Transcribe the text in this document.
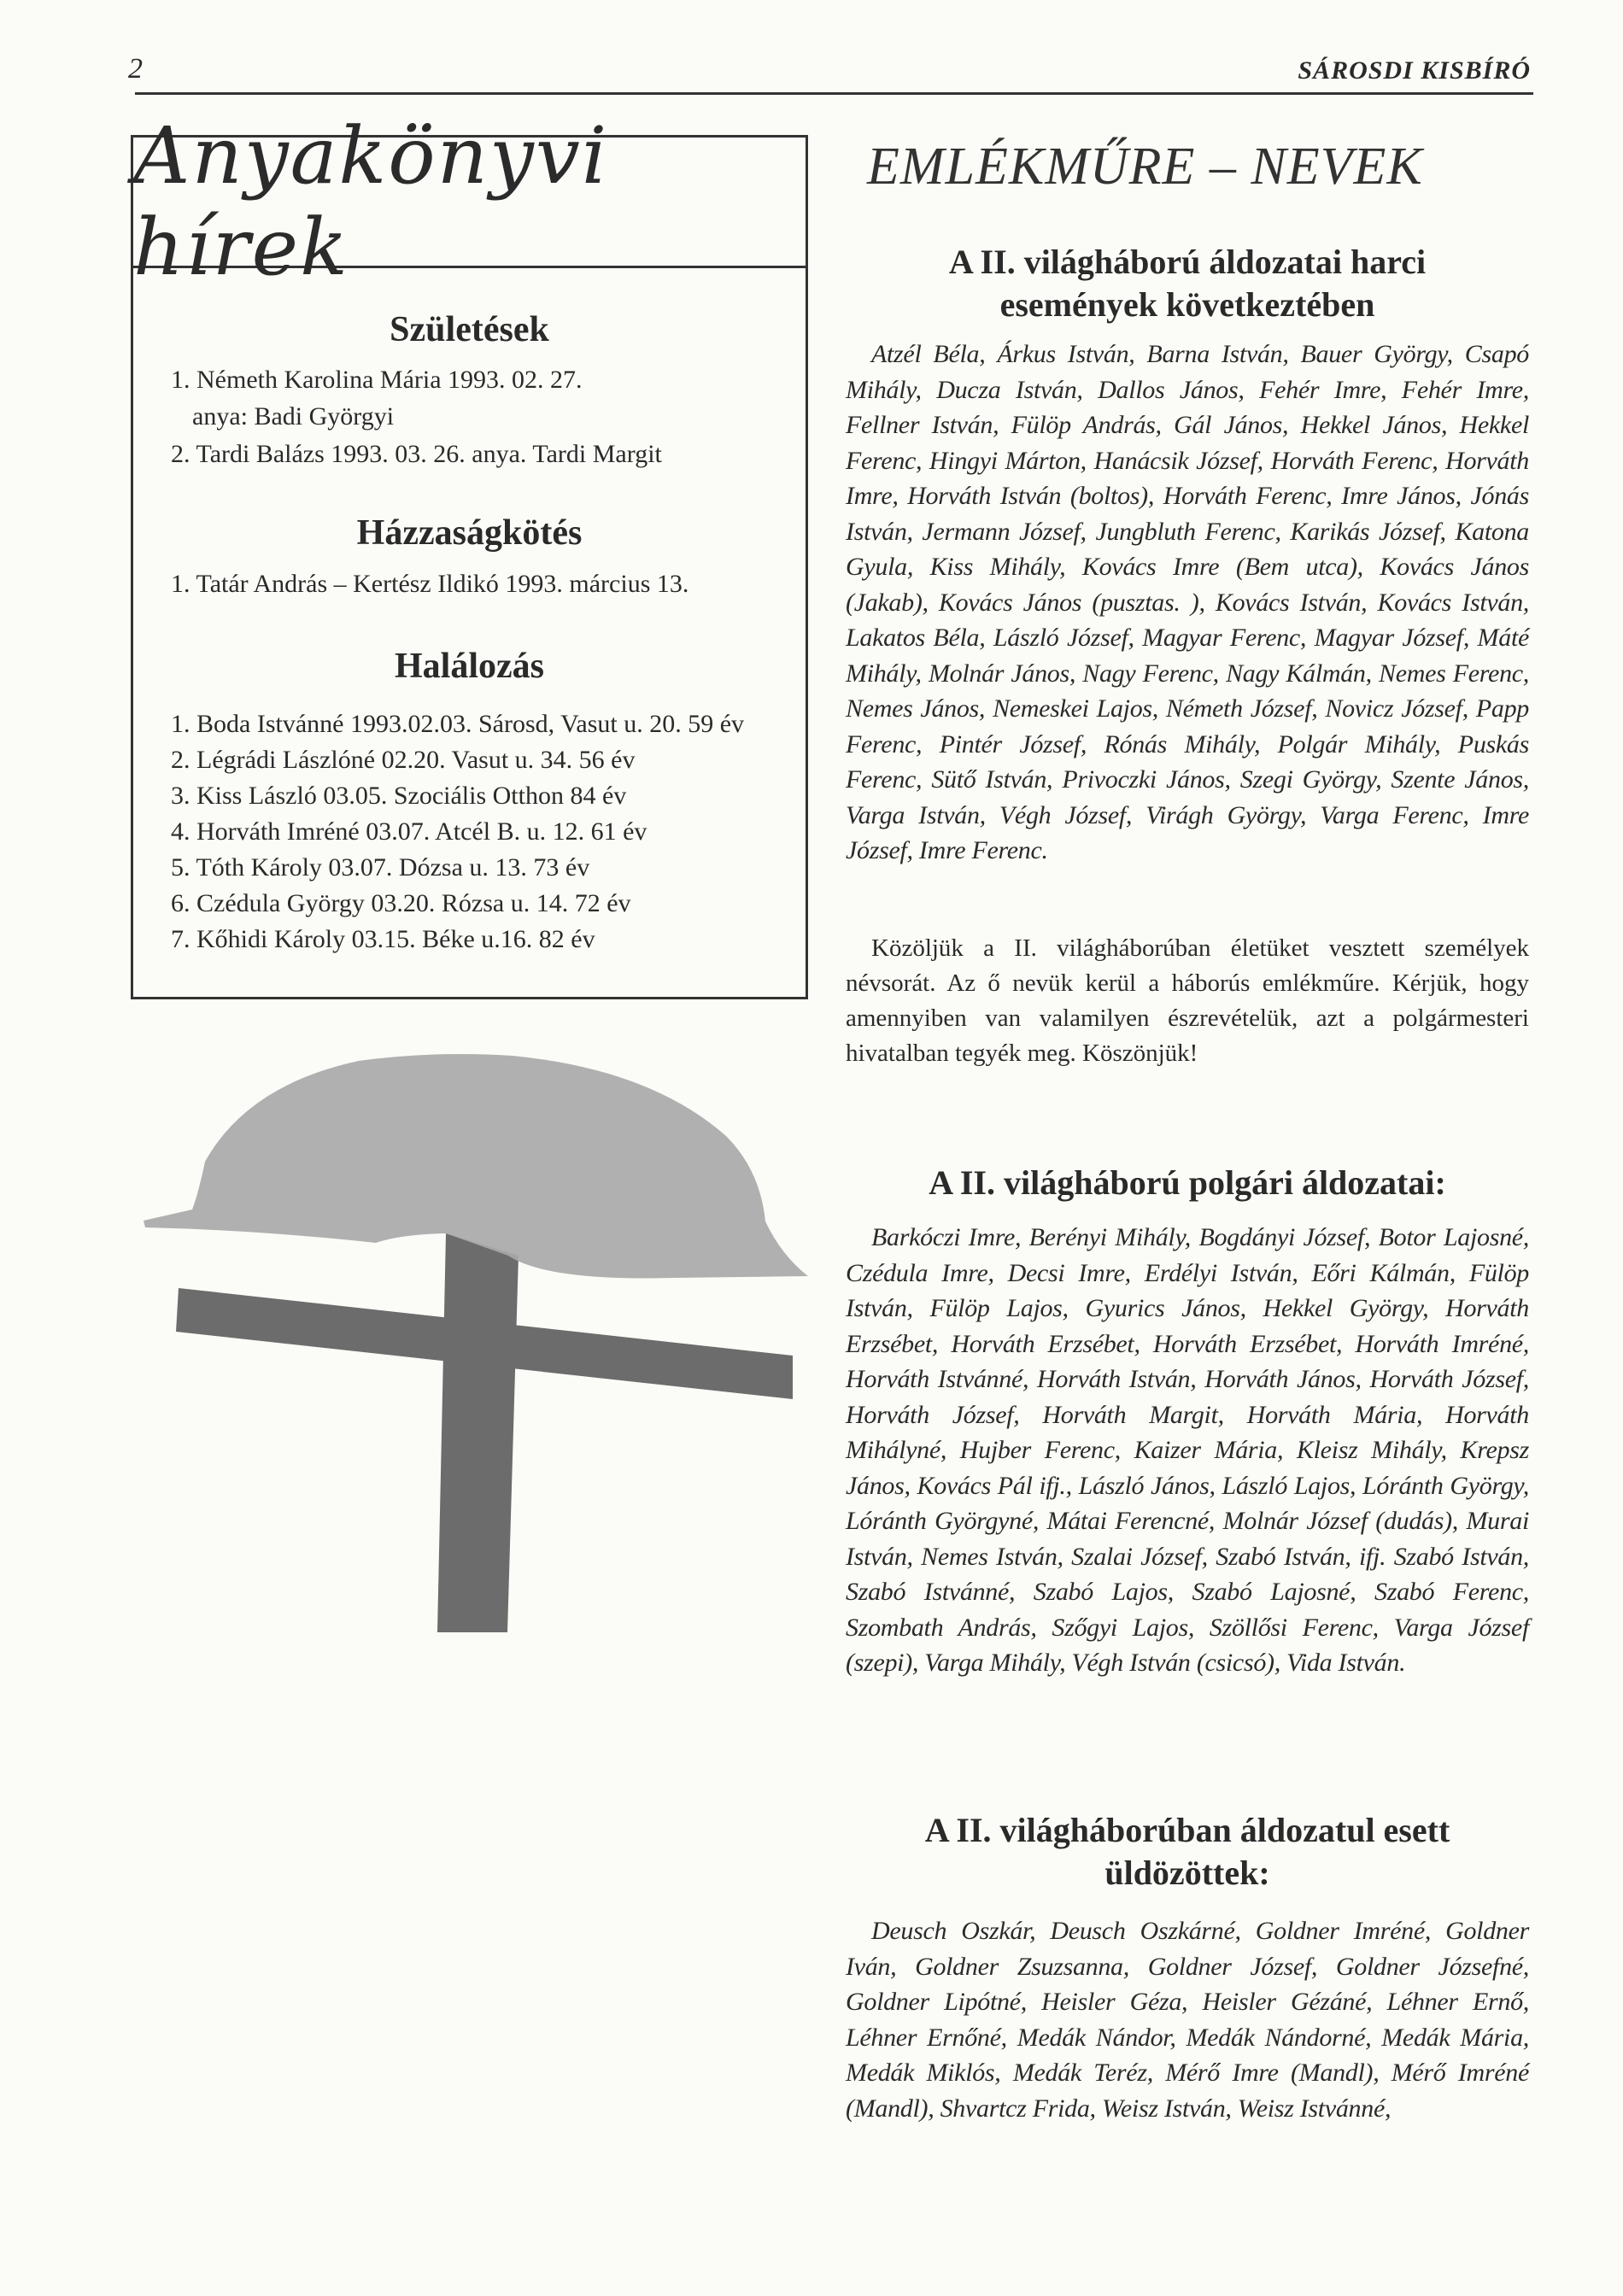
2	SÁROSDI KISBÍRÓ
Anyakönyvi hírek
Születések
1. Németh Karolina Mária 1993. 02. 27.
anya: Badi Györgyi
2. Tardi Balázs 1993. 03. 26. anya. Tardi Margit
Házzaságkötés
1. Tatár András – Kertész Ildikó 1993. március 13.
Halálozás
1. Boda Istvánné 1993.02.03. Sárosd, Vasut u. 20. 59 év
2. Légrádi Lászlóné 02.20. Vasut u. 34. 56 év
3. Kiss László 03.05. Szociális Otthon 84 év
4. Horváth Imréné 03.07. Atcél B. u. 12. 61 év
5. Tóth Károly 03.07. Dózsa u. 13. 73 év
6. Czédula György 03.20. Rózsa u. 14. 72 év
7. Kőhidi Károly 03.15. Béke u.16. 82 év
EMLÉKMŰRE – NEVEK
A II. világháború áldozatai harci
események következtében
Atzél Béla, Árkus István, Barna István, Bauer György, Csapó Mihály, Ducza István, Dallos János, Fehér Imre, Fehér Imre, Fellner István, Fülöp András, Gál János, Hekkel János, Hekkel Ferenc, Hingyi Márton, Hanácsik József, Horváth Ferenc, Horváth Imre, Horváth István (boltos), Horváth Ferenc, Imre János, Jónás István, Jermann József, Jungbluth Ferenc, Karikás József, Katona Gyula, Kiss Mihály, Kovács Imre (Bem utca), Kovács János (Jakab), Kovács János (pusztas. ), Kovács István, Kovács István, Lakatos Béla, László József, Magyar Ferenc, Magyar József, Máté Mihály, Molnár János, Nagy Ferenc, Nagy Kálmán, Nemes Ferenc, Nemes János, Nemeskei Lajos, Németh József, Novicz József, Papp Ferenc, Pintér József, Rónás Mihály, Polgár Mihály, Puskás Ferenc, Sütő István, Privoczki János, Szegi György, Szente János, Varga István, Végh József, Virágh György, Varga Ferenc, Imre József, Imre Ferenc.
Közöljük a II. világháborúban életüket vesztett személyek névsorát. Az ő nevük kerül a háborús emlékműre. Kérjük, hogy amennyiben van valamilyen észrevételük, azt a polgármesteri hivatalban tegyék meg. Köszönjük!
A II. világháború polgári áldozatai:
Barkóczi Imre, Berényi Mihály, Bogdányi József, Botor Lajosné, Czédula Imre, Decsi Imre, Erdélyi István, Eőri Kálmán, Fülöp István, Fülöp Lajos, Gyurics János, Hekkel György, Horváth Erzsébet, Horváth Erzsébet, Horváth Erzsébet, Horváth Imréné, Horváth Istvánné, Horváth István, Horváth János, Horváth József, Horváth József, Horváth Margit, Horváth Mária, Horváth Mihályné, Hujber Ferenc, Kaizer Mária, Kleisz Mihály, Krepsz János, Kovács Pál ifj., László János, László Lajos, Lóránth György, Lóránth Györgyné, Mátai Ferencné, Molnár József (dudás), Murai István, Nemes István, Szalai József, Szabó István, ifj. Szabó István, Szabó Istvánné, Szabó Lajos, Szabó Lajosné, Szabó Ferenc, Szombath András, Szőgyi Lajos, Szöllősi Ferenc, Varga József (szepi), Varga Mihály, Végh István (csicsó), Vida István.
A II. világháborúban áldozatul esett
üldözöttek:
Deusch Oszkár, Deusch Oszkárné, Goldner Imréné, Goldner Iván, Goldner Zsuzsanna, Goldner József, Goldner Józsefné, Goldner Lipótné, Heisler Géza, Heisler Gézáné, Léhner Ernő, Léhner Ernőné, Medák Nándor, Medák Nándorné, Medák Mária, Medák Miklós, Medák Teréz, Mérő Imre (Mandl), Mérő Imréné (Mandl), Shvartcz Frida, Weisz István, Weisz Istvánné,
